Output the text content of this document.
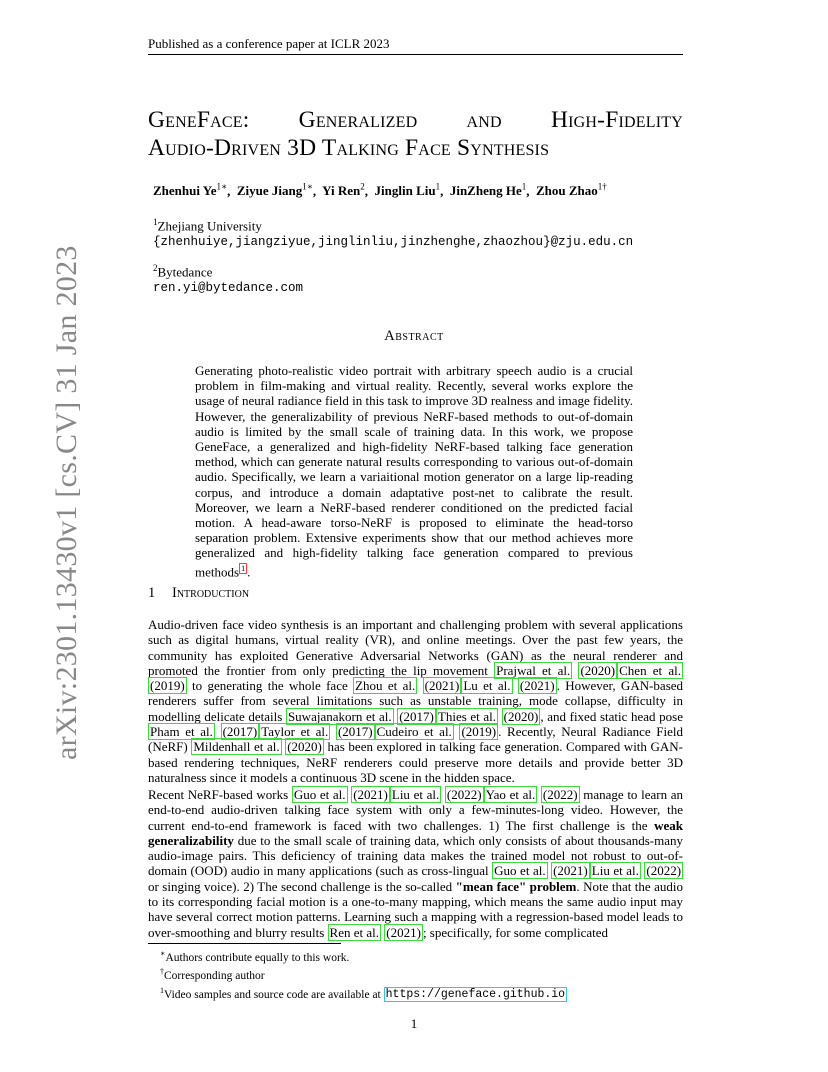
Published as a conference paper at ICLR 2023
arXiv:2301.13430v1 [cs.CV] 31 Jan 2023
GeneFace: Generalized and High-Fidelity
Audio-Driven 3D Talking Face Synthesis
Zhenhui $Ye^{1∗}$,  Ziyue Jiang$^{1∗}$,  Yi Ren$^2$,  Jinglin Liu$^1$,  JinZheng He$^1$,  Zhou Zhao$^{1\dagger}$
$^1$Zhejiang University
{zhenhuiye,jiangziyue,jinglinliu,jinzhenghe,zhaozhou}@zju.edu.cn
$^2$Bytedance
ren.yi@bytedance.com
Abstract
Generating photo-realistic video portrait with arbitrary speech audio is a crucial problem in film-making and virtual reality. Recently, several works explore the usage of neural radiance field in this task to improve 3D realness and image fidelity. However, the generalizability of previous NeRF-based methods to out-of-domain audio is limited by the small scale of training data. In this work, we propose GeneFace, a generalized and high-fidelity NeRF-based talking face generation method, which can generate natural results corresponding to various out-of-domain audio. Specifically, we learn a variaitional motion generator on a large lip-reading corpus, and introduce a domain adaptative post-net to calibrate the result. Moreover, we learn a NeRF-based renderer conditioned on the predicted facial motion. A head-aware torso-NeRF is proposed to eliminate the head-torso separation problem. Extensive experiments show that our method achieves more generalized and high-fidelity talking face generation compared to previous methods $^1$ .
1 Introduction
Audio-driven face video synthesis is an important and challenging problem with several applications such as digital humans, virtual reality (VR), and online meetings. Over the past few years, the community has exploited Generative Adversarial Networks (GAN) as the neural renderer and promoted the frontier from only predicting the lip movement Prajwal et al. (2020) Chen et al. (2019) to generating the whole face Zhou et al. (2021) Lu et al. (2021) . However, GAN-based renderers suffer from several limitations such as unstable training, mode collapse, difficulty in modelling delicate details Suwajanakorn et al. (2017) Thies et al. (2020) , and fixed static head pose Pham et al. (2017) Taylor et al. (2017) Cudeiro et al. (2019) . Recently, Neural Radiance Field (NeRF) Mildenhall et al. (2020) has been explored in talking face generation. Compared with GAN-based rendering techniques, NeRF renderers could preserve more details and provide better 3D naturalness since it models a continuous 3D scene in the hidden space.
Recent NeRF-based works Guo et al. (2021) Liu et al. (2022) Yao et al. (2022) manage to learn an end-to-end audio-driven talking face system with only a few-minutes-long video. However, the current end-to-end framework is faced with two challenges. 1) The first challenge is the weak generalizability due to the small scale of training data, which only consists of about thousands-many audio-image pairs. This deficiency of training data makes the trained model not robust to out-of-domain (OOD) audio in many applications (such as cross-lingual Guo et al. (2021) Liu et al. (2022) or singing voice). 2) The second challenge is the so-called "mean face" problem. Note that the audio to its corresponding facial motion is a one-to-many mapping, which means the same audio input may have several correct motion patterns. Learning such a mapping with a regression-based model leads to over-smoothing and blurry results Ren et al. (2021) ; specifically, for some complicated
∗Authors contribute equally to this work.
†Corresponding author
$^1$Video samples and source code are available at https://geneface.github.io
1
